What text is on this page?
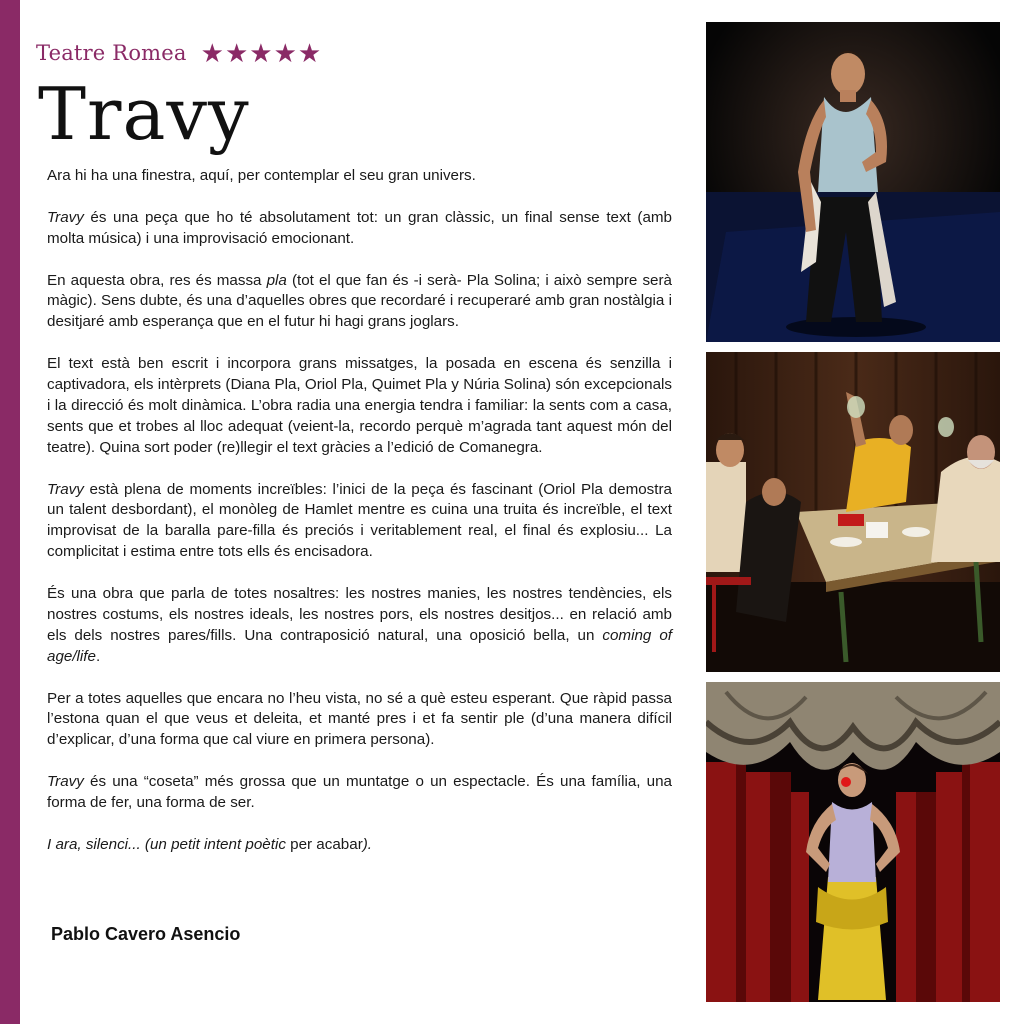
Teatre Romea ★ ★ ★ ★ ★
Travy

Ara hi ha una finestra, aquí, per contemplar el seu gran univers.

Travy és una peça que ho té absolutament tot: un gran clàssic, un final sense text (amb molta música) i una improvisació emocionant.

En aquesta obra, res és massa pla (tot el que fan és -i serà- Pla Solina; i això sempre serà màgic). Sens dubte, és una d’aquelles obres que recordaré i recuperaré amb gran nostàlgia i desitjaré amb esperança que en el futur hi hagi grans joglars.

El text està ben escrit i incorpora grans missatges, la posada en escena és senzilla i captivadora, els intèrprets (Diana Pla, Oriol Pla, Quimet Pla y Núria Solina) són excepcionals i la direcció és molt dinàmica. L’obra radia una energia tendra i familiar: la sents com a casa, sents que et trobes al lloc adequat (veient-la, recordo perquè m’agrada tant aquest món del teatre). Quina sort poder (re)llegir el text gràcies a l’edició de Comanegra.

Travy està plena de moments increïbles: l’inici de la peça és fascinant (Oriol Pla demostra un talent desbordant), el monòleg de Hamlet mentre es cuina una truita és increïble, el text improvisat de la baralla pare-filla és preciós i veritablement real, el final és explosiu... La complicitat i estima entre tots ells és encisadora.

És una obra que parla de totes nosaltres: les nostres manies, les nostres tendències, els nostres costums, els nostres ideals, les nostres pors, els nostres desitjos... en relació amb els dels nostres pares/fills. Una contraposició natural, una oposició bella, un coming of age/life.

Per a totes aquelles que encara no l’heu vista, no sé a què esteu esperant. Que ràpid passa l’estona quan el que veus et deleita, et manté pres i et fa sentir ple (d’una manera difícil d’explicar, d’una forma que cal viure en primera persona).

Travy és una “coseta” més grossa que un muntatge o un espectacle. És una família, una forma de fer, una forma de ser.

I ara, silenci... (un petit intent poètic per acabar).

Pablo Cavero Asencio
